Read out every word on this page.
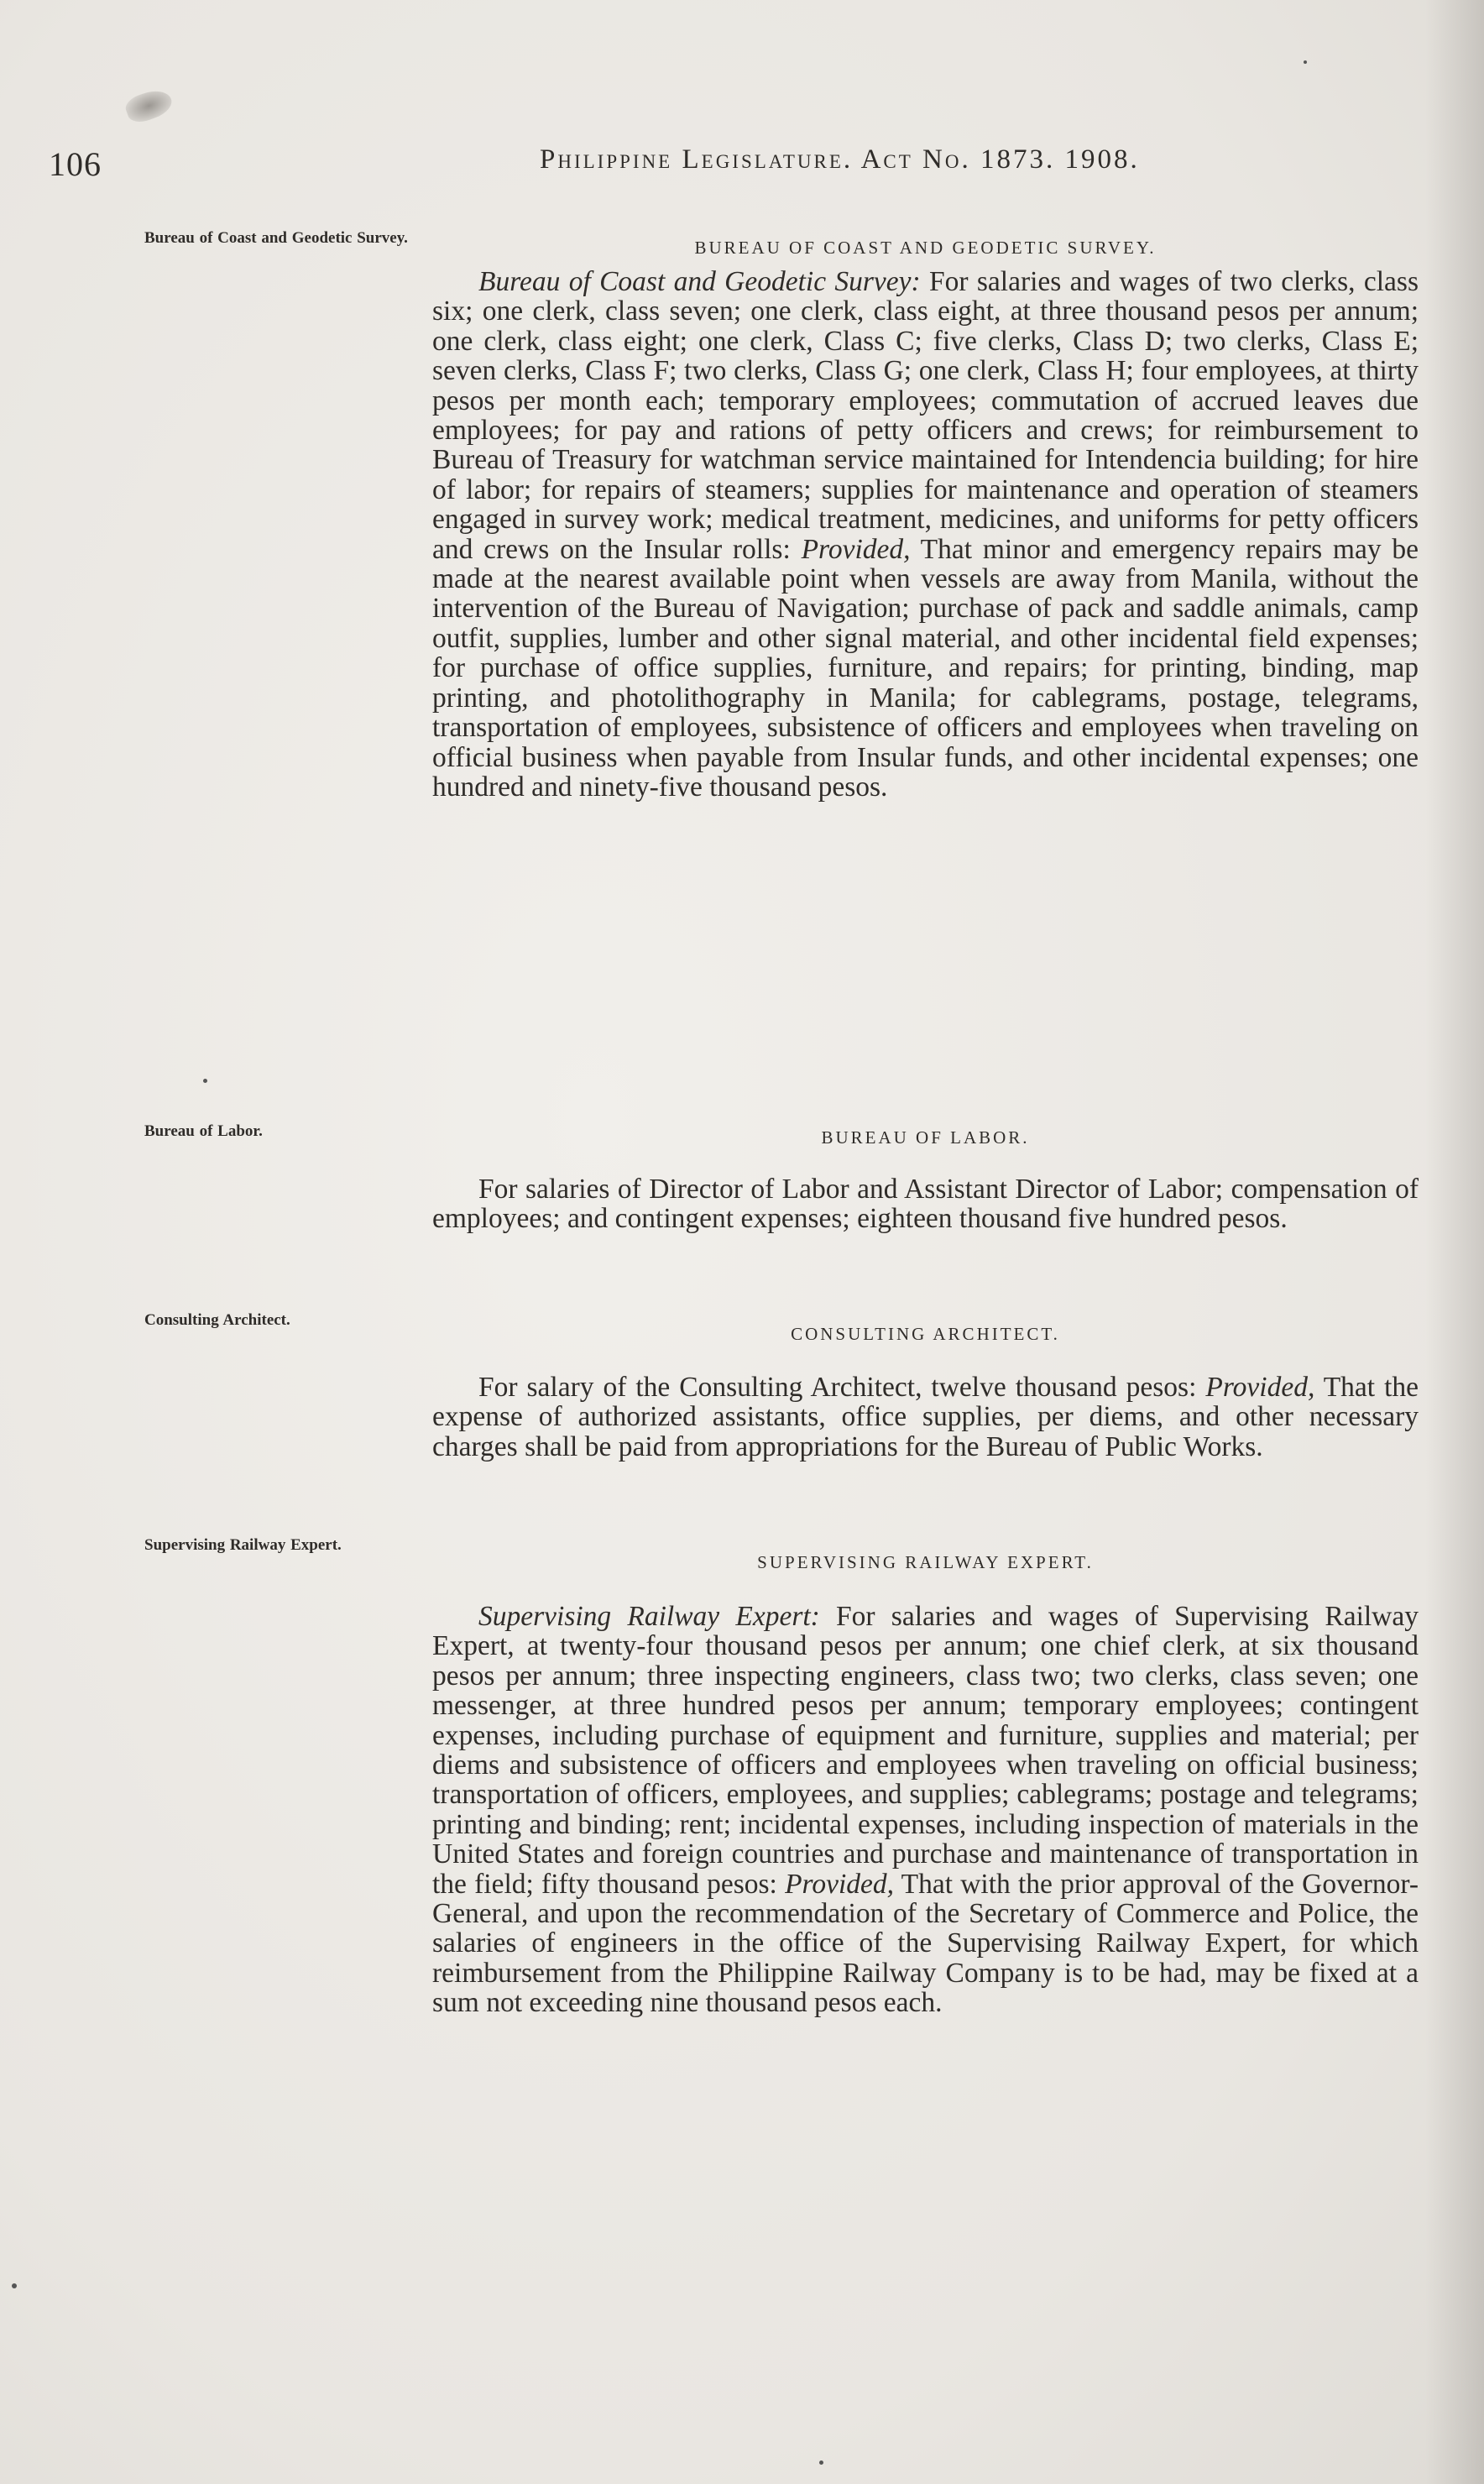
106	Philippine Legislature. Act No. 1873. 1908.
Bureau of Coast and Geodetic Survey.	BUREAU OF COAST AND GEODETIC SURVEY.

Bureau of Coast and Geodetic Survey: For salaries and wages of two clerks, class six; one clerk, class seven; one clerk, class eight, at three thousand pesos per annum; one clerk, class eight; one clerk, Class C; five clerks, Class D; two clerks, Class E; seven clerks, Class F; two clerks, Class G; one clerk, Class H; four employees, at thirty pesos per month each; temporary employees; commutation of accrued leaves due employees; for pay and rations of petty officers and crews; for reimbursement to Bureau of Treasury for watchman service maintained for Intendencia building; for hire of labor; for repairs of steamers; supplies for maintenance and operation of steamers engaged in survey work; medical treatment, medicines, and uniforms for petty officers and crews on the Insular rolls: Provided, That minor and emergency repairs may be made at the nearest available point when vessels are away from Manila, without the intervention of the Bureau of Navigation; purchase of pack and saddle animals, camp outfit, supplies, lumber and other signal material, and other incidental field expenses; for purchase of office supplies, furniture, and repairs; for printing, binding, map printing, and photolithography in Manila; for cablegrams, postage, telegrams, transportation of employees, subsistence of officers and employees when traveling on official business when payable from Insular funds, and other incidental expenses; one hundred and ninety-five thousand pesos.

Bureau of Labor.	BUREAU OF LABOR.

For salaries of Director of Labor and Assistant Director of Labor; compensation of employees; and contingent expenses; eighteen thousand five hundred pesos.

Consulting Architect.
CONSULTING ARCHITECT.

For salary of the Consulting Architect, twelve thousand pesos: Provided, That the expense of authorized assistants, office supplies, per diems, and other necessary charges shall be paid from appropriations for the Bureau of Public Works.

Supervising Railway Expert.
SUPERVISING RAILWAY EXPERT.

Supervising Railway Expert: For salaries and wages of Supervising Railway Expert, at twenty-four thousand pesos per annum; one chief clerk, at six thousand pesos per annum; three inspecting engineers, class two; two clerks, class seven; one messenger, at three hundred pesos per annum; temporary employees; contingent expenses, including purchase of equipment and furniture, supplies and material; per diems and subsistence of officers and employees when traveling on official business; transportation of officers, employees, and supplies; cablegrams; postage and telegrams; printing and binding; rent; incidental expenses, including inspection of materials in the United States and foreign countries and purchase and maintenance of transportation in the field; fifty thousand pesos: Provided, That with the prior approval of the Governor-General, and upon the recommendation of the Secretary of Commerce and Police, the salaries of engineers in the office of the Supervising Railway Expert, for which reimbursement from the Philippine Railway Company is to be had, may be fixed at a sum not exceeding nine thousand pesos each.
